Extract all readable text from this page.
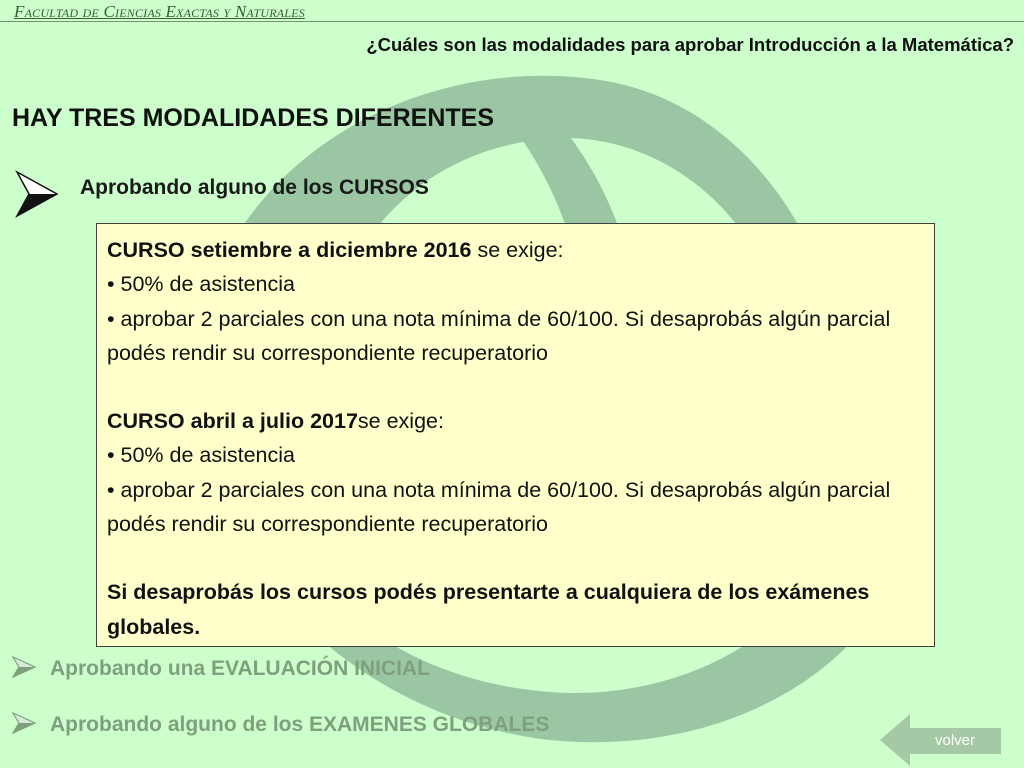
Facultad de Ciencias Exactas y Naturales
¿Cuáles son las modalidades para aprobar Introducción a la Matemática?
HAY TRES MODALIDADES DIFERENTES
Aprobando alguno de los CURSOS

CURSO setiembre a diciembre 2016 se exige:

• 50% de asistencia

• aprobar 2 parciales con una nota mínima de 60/100. Si desaprobás algún parcial podés rendir su correspondiente recuperatorio

CURSO abril a julio 2017se exige:

• 50% de asistencia

• aprobar 2 parciales con una nota mínima de 60/100. Si desaprobás algún parcial podés rendir su correspondiente recuperatorio

Si desaprobás los cursos podés presentarte a cualquiera de los exámenes globales.

Aprobando una EVALUACIÓN INICIAL
Aprobando alguno de los EXAMENES GLOBALES
volver
